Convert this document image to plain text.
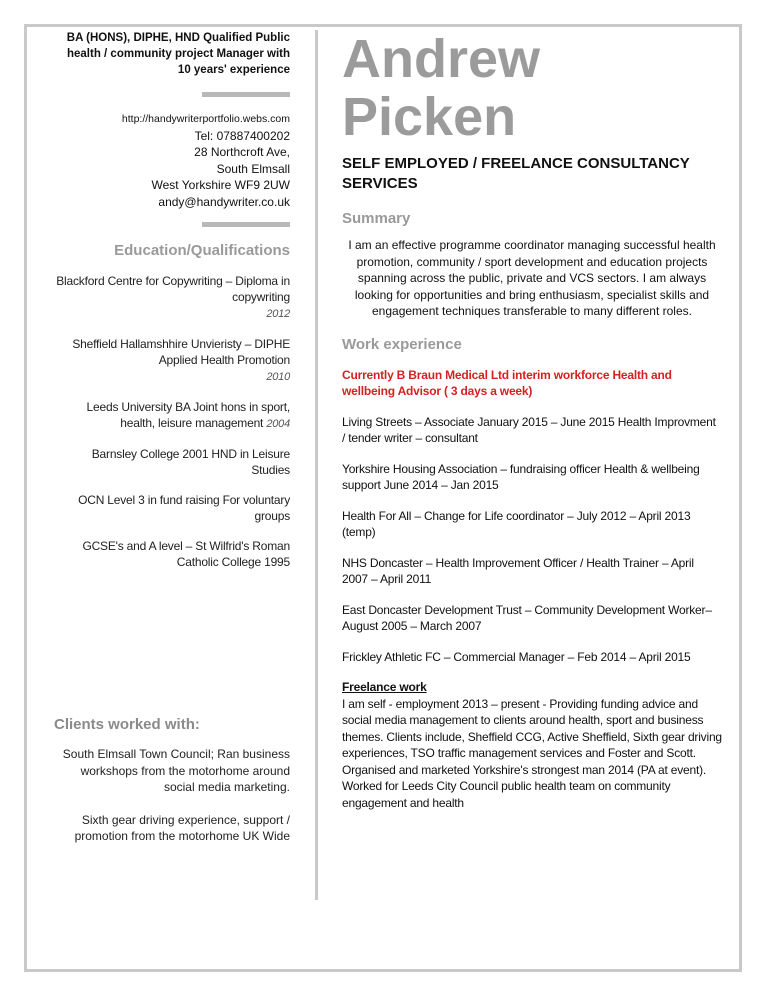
BA (HONS), DIPHE, HND Qualified Public health / community project Manager with 10 years' experience
http://handywriterportfolio.webs.com
Tel: 07887400202
28 Northcroft Ave,
South Elmsall
West Yorkshire WF9 2UW
andy@handywriter.co.uk
Education/Qualifications
Blackford Centre for Copywriting – Diploma in copywriting
2012
Sheffield Hallamshhire Unvieristy – DIPHE Applied Health Promotion
2010
Leeds University BA Joint hons in sport, health, leisure management 2004
Barnsley College 2001 HND in Leisure Studies
OCN Level 3 in fund raising For voluntary groups
GCSE's and A level – St Wilfrid's Roman Catholic College 1995
Clients worked with:

South Elmsall Town Council; Ran business workshops from the motorhome around social media marketing.

Sixth gear driving experience, support / promotion from the motorhome UK Wide

Andrew
Picken
SELF EMPLOYED / FREELANCE CONSULTANCY SERVICES
Summary
I am an effective programme coordinator managing successful health promotion, community / sport development and education projects spanning across the public, private and VCS sectors. I am always looking for opportunities and bring enthusiasm, specialist skills and engagement techniques transferable to many different roles.
Work experience
Currently B Braun Medical Ltd interim workforce Health and wellbeing Advisor ( 3 days a week)
Living Streets – Associate January 2015 – June 2015 Health Improvment / tender writer – consultant
Yorkshire Housing Association – fundraising officer Health & wellbeing support June 2014 – Jan 2015
Health For All – Change for Life coordinator – July 2012 – April 2013 (temp)
NHS Doncaster – Health Improvement Officer / Health Trainer – April 2007 – April 2011
East Doncaster Development Trust – Community Development Worker–August 2005 – March 2007
Frickley Athletic FC – Commercial Manager – Feb 2014 – April 2015
Freelance work
I am self - employment 2013 – present - Providing funding advice and social media management to clients around health, sport and business themes. Clients include, Sheffield CCG, Active Sheffield, Sixth gear driving experiences, TSO traffic management services and Foster and Scott. Organised and marketed Yorkshire's strongest man 2014 (PA at event). Worked for Leeds City Council public health team on community engagement and health
